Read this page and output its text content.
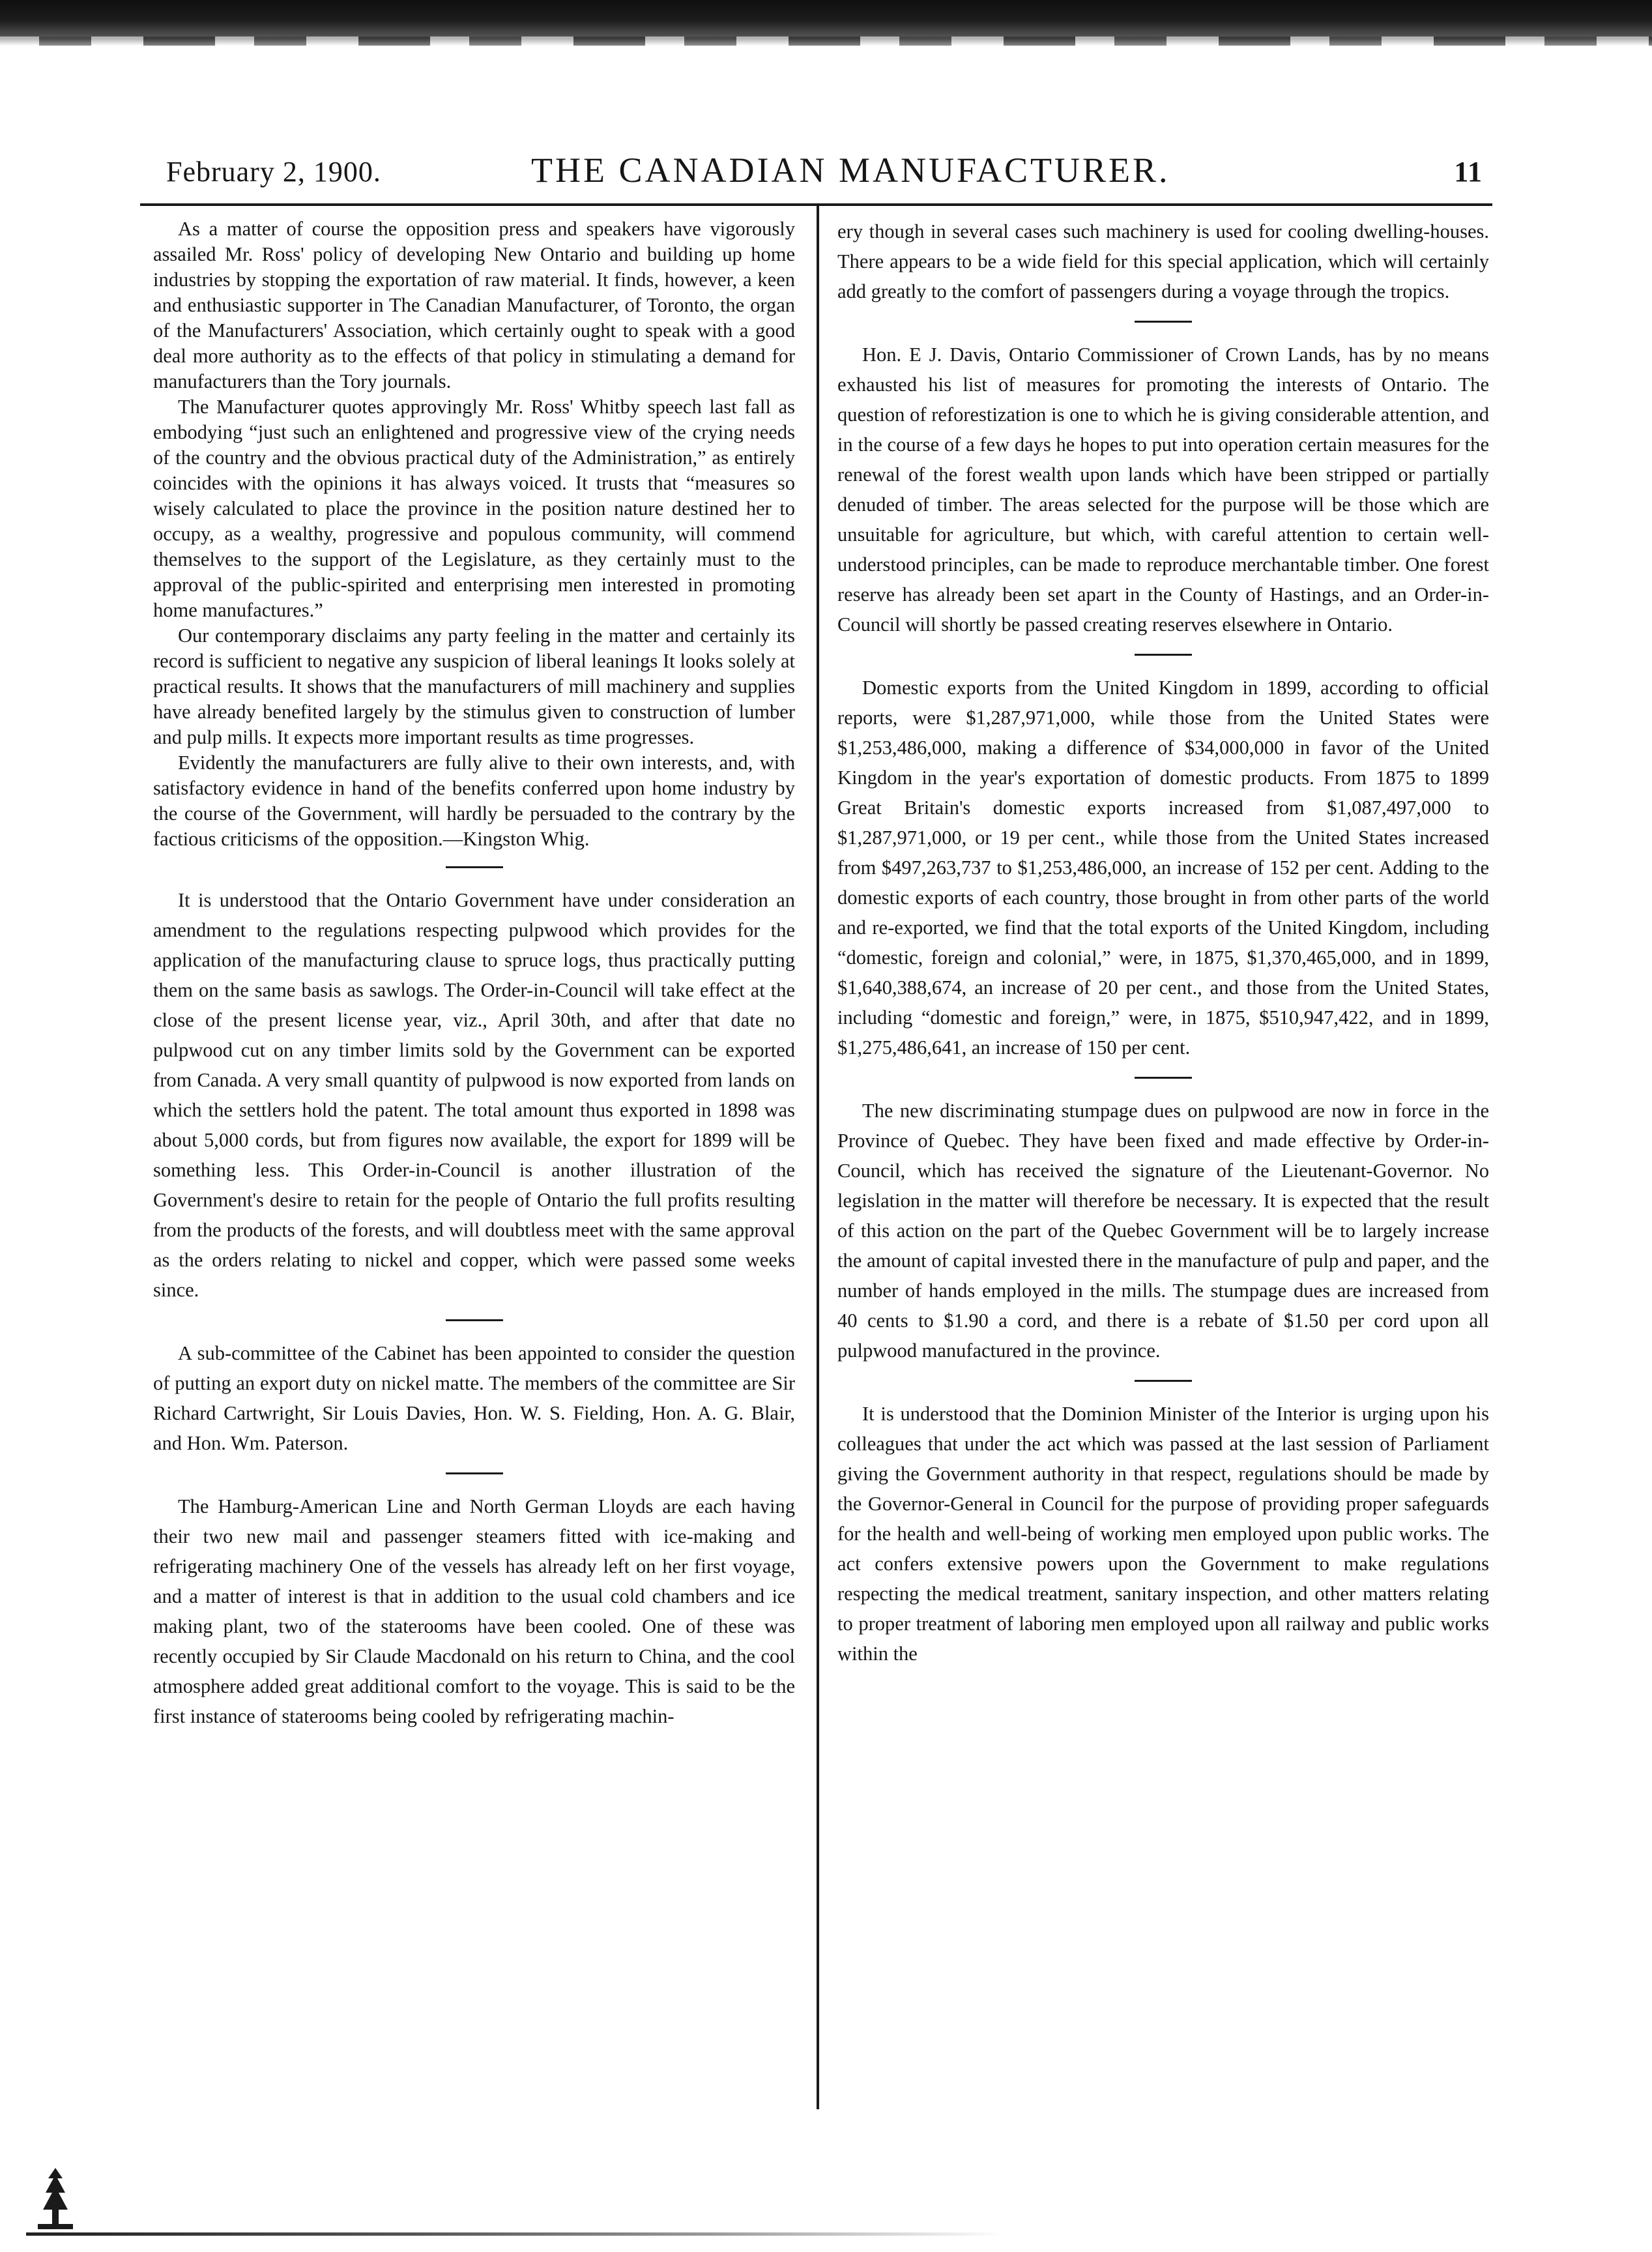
February 2, 1900.	THE CANADIAN MANUFACTURER.	11

As a matter of course the opposition press and speakers have vigorously assailed Mr. Ross' policy of developing New Ontario and building up home industries by stopping the exportation of raw material. It finds, however, a keen and enthusiastic supporter in The Canadian Manufacturer, of Toronto, the organ of the Manufacturers' Association, which certainly ought to speak with a good deal more authority as to the effects of that policy in stimulating a demand for manufacturers than the Tory journals.

The Manufacturer quotes approvingly Mr. Ross' Whitby speech last fall as embodying “just such an enlightened and progressive view of the crying needs of the country and the obvious practical duty of the Administration,” as entirely coincides with the opinions it has always voiced. It trusts that “measures so wisely calculated to place the province in the position nature destined her to occupy, as a wealthy, progressive and populous community, will commend themselves to the support of the Legislature, as they certainly must to the approval of the public-spirited and enterprising men interested in promoting home manufactures.”

Our contemporary disclaims any party feeling in the matter and certainly its record is sufficient to negative any suspicion of liberal leanings It looks solely at practical results. It shows that the manufacturers of mill machinery and supplies have already benefited largely by the stimulus given to construction of lumber and pulp mills. It expects more important results as time progresses.

Evidently the manufacturers are fully alive to their own interests, and, with satisfactory evidence in hand of the benefits conferred upon home industry by the course of the Government, will hardly be persuaded to the contrary by the factious criticisms of the opposition.—Kingston Whig.

It is understood that the Ontario Government have under consideration an amendment to the regulations respecting pulpwood which provides for the application of the manufacturing clause to spruce logs, thus practically putting them on the same basis as sawlogs. The Order-in-Council will take effect at the close of the present license year, viz., April 30th, and after that date no pulpwood cut on any timber limits sold by the Government can be exported from Canada. A very small quantity of pulpwood is now exported from lands on which the settlers hold the patent. The total amount thus exported in 1898 was about 5,000 cords, but from figures now available, the export for 1899 will be something less. This Order-in-Council is another illustration of the Government's desire to retain for the people of Ontario the full profits resulting from the products of the forests, and will doubtless meet with the same approval as the orders relating to nickel and copper, which were passed some weeks since.

A sub-committee of the Cabinet has been appointed to consider the question of putting an export duty on nickel matte. The members of the committee are Sir Richard Cartwright, Sir Louis Davies, Hon. W. S. Fielding, Hon. A. G. Blair, and Hon. Wm. Paterson.

The Hamburg-American Line and North German Lloyds are each having their two new mail and passenger steamers fitted with ice-making and refrigerating machinery One of the vessels has already left on her first voyage, and a matter of interest is that in addition to the usual cold chambers and ice making plant, two of the staterooms have been cooled. One of these was recently occupied by Sir Claude Macdonald on his return to China, and the cool atmosphere added great additional comfort to the voyage. This is said to be the first instance of staterooms being cooled by refrigerating machin-

ery though in several cases such machinery is used for cooling dwelling-houses. There appears to be a wide field for this special application, which will certainly add greatly to the comfort of passengers during a voyage through the tropics.

Hon. E J. Davis, Ontario Commissioner of Crown Lands, has by no means exhausted his list of measures for promoting the interests of Ontario. The question of reforestization is one to which he is giving considerable attention, and in the course of a few days he hopes to put into operation certain measures for the renewal of the forest wealth upon lands which have been stripped or partially denuded of timber. The areas selected for the purpose will be those which are unsuitable for agriculture, but which, with careful attention to certain well-understood principles, can be made to reproduce merchantable timber. One forest reserve has already been set apart in the County of Hastings, and an Order-in-Council will shortly be passed creating reserves elsewhere in Ontario.

Domestic exports from the United Kingdom in 1899, according to official reports, were $1,287,971,000, while those from the United States were $1,253,486,000, making a difference of $34,000,000 in favor of the United Kingdom in the year's exportation of domestic products. From 1875 to 1899 Great Britain's domestic exports increased from $1,087,497,000 to $1,287,971,000, or 19 per cent., while those from the United States increased from $497,263,737 to $1,253,486,000, an increase of 152 per cent. Adding to the domestic exports of each country, those brought in from other parts of the world and re-exported, we find that the total exports of the United Kingdom, including “domestic, foreign and colonial,” were, in 1875, $1,370,465,000, and in 1899, $1,640,388,674, an increase of 20 per cent., and those from the United States, including “domestic and foreign,” were, in 1875, $510,947,422, and in 1899, $1,275,486,641, an increase of 150 per cent.

The new discriminating stumpage dues on pulpwood are now in force in the Province of Quebec. They have been fixed and made effective by Order-in-Council, which has received the signature of the Lieutenant-Governor. No legislation in the matter will therefore be necessary. It is expected that the result of this action on the part of the Quebec Government will be to largely increase the amount of capital invested there in the manufacture of pulp and paper, and the number of hands employed in the mills. The stumpage dues are increased from 40 cents to $1.90 a cord, and there is a rebate of $1.50 per cord upon all pulpwood manufactured in the province.

It is understood that the Dominion Minister of the Interior is urging upon his colleagues that under the act which was passed at the last session of Parliament giving the Government authority in that respect, regulations should be made by the Governor-General in Council for the purpose of providing proper safeguards for the health and well-being of working men employed upon public works. The act confers extensive powers upon the Government to make regulations respecting the medical treatment, sanitary inspection, and other matters relating to proper treatment of laboring men employed upon all railway and public works within the
